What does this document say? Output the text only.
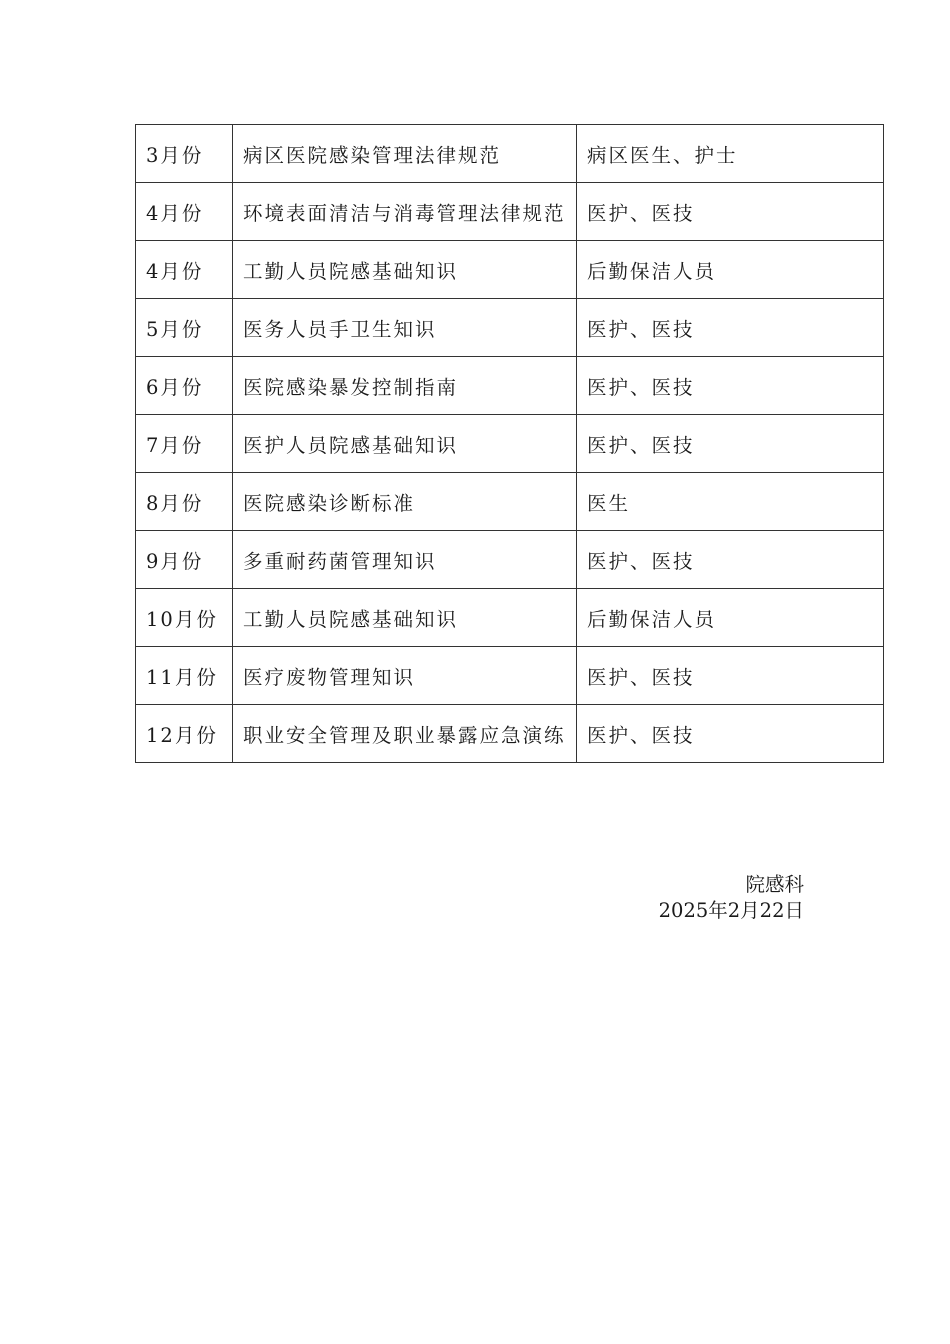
3月份	病区医院感染管理法律规范	病区医生、护士
4月份	环境表面清洁与消毒管理法律规范	医护、医技
4月份	工勤人员院感基础知识	后勤保洁人员
5月份	医务人员手卫生知识	医护、医技
6月份	医院感染暴发控制指南	医护、医技
7月份	医护人员院感基础知识	医护、医技
8月份	医院感染诊断标准	医生
9月份	多重耐药菌管理知识	医护、医技
10月份	工勤人员院感基础知识	后勤保洁人员
11月份	医疗废物管理知识	医护、医技
12月份	职业安全管理及职业暴露应急演练	医护、医技
院感科
2025年2月22日
